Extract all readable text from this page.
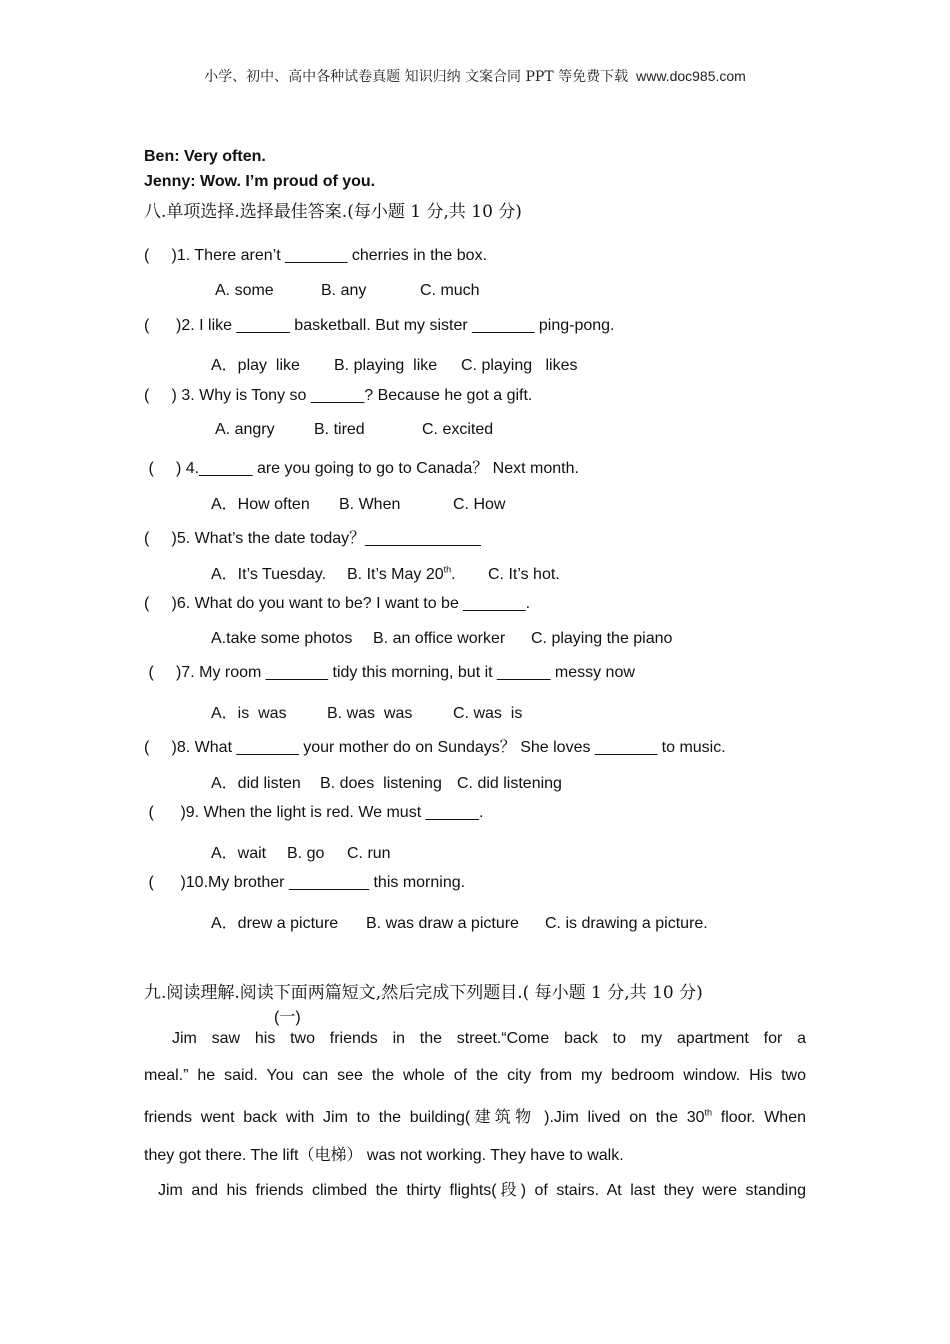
小学、初中、高中各种试卷真题 知识归纳 文案合同 PPT 等免费下载 www.doc985.com
Ben: Very often.
Jenny: Wow. I’m proud of you.
八.单项选择.选择最佳答案.(每小题 1 分,共 10 分)
(     )1. There aren’t _______ cherries in the box.
A. some	B. any	C. much
(      )2. I like ______ basketball. But my sister _______ ping-pong.
A．play  like B. playing  like C. playing   likes
(     ) 3. Why is Tony so ______? Because he got a gift.
A. angry B. tired	C. excited
(     ) 4.______ are you going to go to Canada？ Next month.
A．How often B. When	C. How
(     )5. What’s the date today？_____________
A．It’s Tuesday. B. It’s May 20th. C. It’s hot.
(     )6. What do you want to be? I want to be _______.
A.take some photos B. an office worker C. playing the piano
(     )7. My room _______ tidy this morning, but it ______ messy now
A．is  was	B. was  was	C. was  is
(     )8. What _______ your mother do on Sundays？ She loves _______ to music.
A．did listen B. does  listening C. did listening
(      )9. When the light is red. We must ______.
A．wait B. go C. run
(      )10.My brother _________ this morning.
A．drew a picture B. was draw a picture C. is drawing a picture.
九.阅读理解.阅读下面两篇短文,然后完成下列题目.( 每小题 1 分,共 10 分)
(一)
Jim saw his two friends in the street.“Come back to my apartment for a
meal.” he said. You can see the whole of the city from my bedroom window. His two
friends went back with Jim to the building(建筑物 ).Jim lived on the 30th floor. When
they got there. The lift（电梯） was not working. They have to walk.
Jim and his friends climbed the thirty flights(段) of stairs. At last they were standing
